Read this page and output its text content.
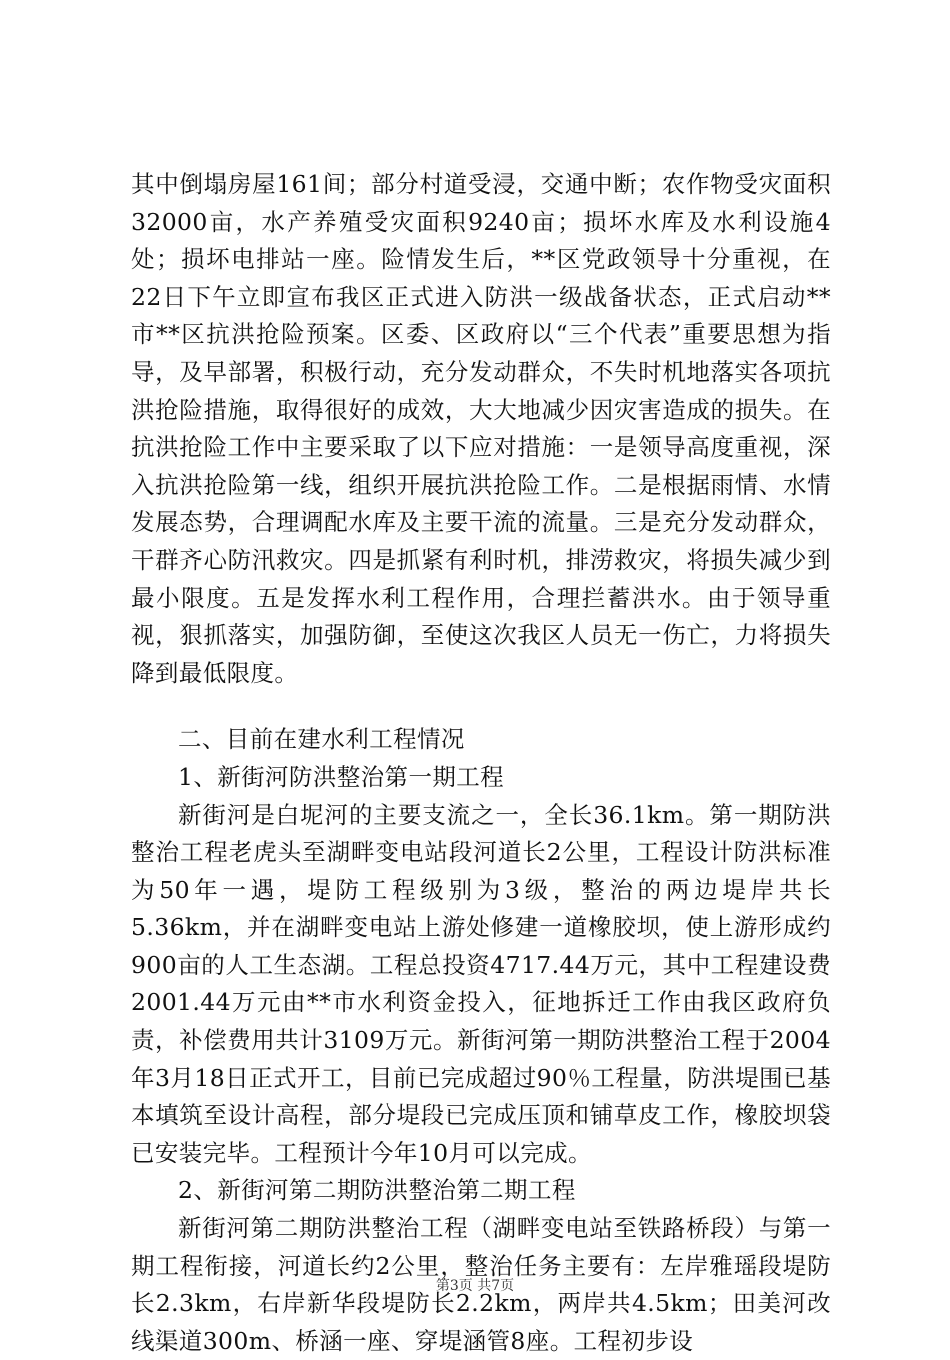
其中倒塌房屋161间；部分村道受浸，交通中断；农作物受灾面积32000亩，水产养殖受灾面积9240亩；损坏水库及水利设施4处；损坏电排站一座。险情发生后，**区党政领导十分重视，在22日下午立即宣布我区正式进入防洪一级战备状态，正式启动**市**区抗洪抢险预案。区委、区政府以“三个代表”重要思想为指导，及早部署，积极行动，充分发动群众，不失时机地落实各项抗洪抢险措施，取得很好的成效，大大地减少因灾害造成的损失。在抗洪抢险工作中主要采取了以下应对措施：一是领导高度重视，深入抗洪抢险第一线，组织开展抗洪抢险工作。二是根据雨情、水情发展态势，合理调配水库及主要干流的流量。三是充分发动群众，干群齐心防汛救灾。四是抓紧有利时机，排涝救灾，将损失减少到最小限度。五是发挥水利工程作用，合理拦蓄洪水。由于领导重视，狠抓落实，加强防御，至使这次我区人员无一伤亡，力将损失降到最低限度。

二、目前在建水利工程情况

1、新街河防洪整治第一期工程

新街河是白坭河的主要支流之一，全长36.1km。第一期防洪整治工程老虎头至湖畔变电站段河道长2公里，工程设计防洪标准为50年一遇，堤防工程级别为3级，整治的两边堤岸共长5.36km，并在湖畔变电站上游处修建一道橡胶坝，使上游形成约900亩的人工生态湖。工程总投资4717.44万元，其中工程建设费2001.44万元由**市水利资金投入，征地拆迁工作由我区政府负责，补偿费用共计3109万元。新街河第一期防洪整治工程于2004年3月18日正式开工，目前已完成超过90％工程量，防洪堤围已基本填筑至设计高程，部分堤段已完成压顶和铺草皮工作，橡胶坝袋已安装完毕。工程预计今年10月可以完成。

2、新街河第二期防洪整治第二期工程

新街河第二期防洪整治工程（湖畔变电站至铁路桥段）与第一期工程衔接，河道长约2公里，整治任务主要有：左岸雅瑶段堤防长2.3km，右岸新华段堤防长2.2km，两岸共4.5km；田美河改线渠道300m、桥涵一座、穿堤涵管8座。工程初步设

第3页 共7页
